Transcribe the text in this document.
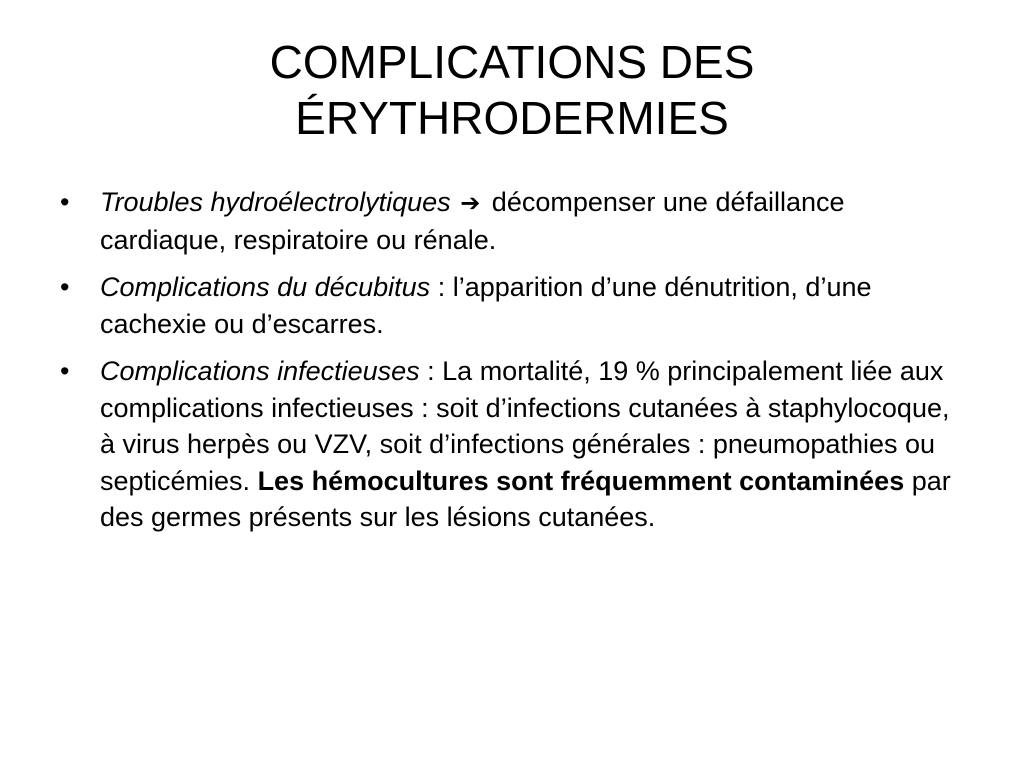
COMPLICATIONS DES
ÉRYTHRODERMIES
•	Troubles hydroélectrolytiques ➔ décompenser une défaillance cardiaque, respiratoire ou rénale.
•	Complications du décubitus : l’apparition d’une dénutrition, d’une cachexie ou d’escarres.
•	Complications infectieuses : La mortalité, 19 % principalement liée aux complications infectieuses : soit d’infections cutanées à staphylocoque, à virus herpès ou VZV, soit d’infections générales : pneumopathies ou septicémies. Les hémocultures sont fréquemment contaminées par des germes présents sur les lésions cutanées.
